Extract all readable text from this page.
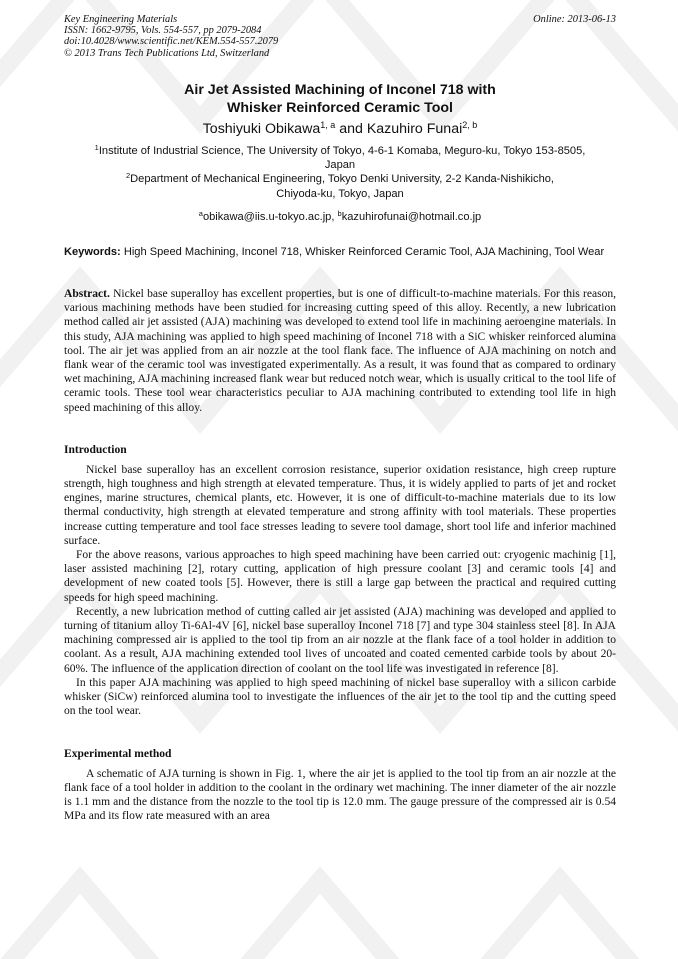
Key Engineering Materials
ISSN: 1662-9795, Vols. 554-557, pp 2079-2084
doi:10.4028/www.scientific.net/KEM.554-557.2079
© 2013 Trans Tech Publications Ltd, Switzerland
Online: 2013-06-13
Air Jet Assisted Machining of Inconel 718 with
Whisker Reinforced Ceramic Tool
Toshiyuki Obikawa$^{1, a}$ and Kazuhiro Funai$^{2, b}$
$^1$Institute of Industrial Science, The University of Tokyo, 4-6-1 Komaba, Meguro-ku, Tokyo 153-8505,
Japan
$^2$Department of Mechanical Engineering, Tokyo Denki University, 2-2 Kanda-Nishikicho,
Chiyoda-ku, Tokyo, Japan
$^a$obikawa@iis.u-tokyo.ac.jp, $^b$kazuhirofunai@hotmail.co.jp
Keywords: High Speed Machining, Inconel 718, Whisker Reinforced Ceramic Tool, AJA Machining, Tool Wear
Abstract. Nickel base superalloy has excellent properties, but is one of difficult-to-machine materials. For this reason, various machining methods have been studied for increasing cutting speed of this alloy. Recently, a new lubrication method called air jet assisted (AJA) machining was developed to extend tool life in machining aeroengine materials. In this study, AJA machining was applied to high speed machining of Inconel 718 with a SiC whisker reinforced alumina tool. The air jet was applied from an air nozzle at the tool flank face. The influence of AJA machining on notch and flank wear of the ceramic tool was investigated experimentally. As a result, it was found that as compared to ordinary wet machining, AJA machining increased flank wear but reduced notch wear, which is usually critical to the tool life of ceramic tools. These tool wear characteristics peculiar to AJA machining contributed to extending tool life in high speed machining of this alloy.
Introduction

Nickel base superalloy has an excellent corrosion resistance, superior oxidation resistance, high creep rupture strength, high toughness and high strength at elevated temperature. Thus, it is widely applied to parts of jet and rocket engines, marine structures, chemical plants, etc. However, it is one of difficult-to-machine materials due to its low thermal conductivity, high strength at elevated temperature and strong affinity with tool materials. These properties increase cutting temperature and tool face stresses leading to severe tool damage, short tool life and inferior machined surface.

For the above reasons, various approaches to high speed machining have been carried out: cryogenic machinig [1], laser assisted machining [2], rotary cutting, application of high pressure coolant [3] and ceramic tools [4] and development of new coated tools [5]. However, there is still a large gap between the practical and required cutting speeds for high speed machining.

Recently, a new lubrication method of cutting called air jet assisted (AJA) machining was developed and applied to turning of titanium alloy Ti-6Al-4V [6], nickel base superalloy Inconel 718 [7] and type 304 stainless steel [8]. In AJA machining compressed air is applied to the tool tip from an air nozzle at the flank face of a tool holder in addition to coolant. As a result, AJA machining extended tool lives of uncoated and coated cemented carbide tools by about 20-60%. The influence of the application direction of coolant on the tool life was investigated in reference [8].

In this paper AJA machining was applied to high speed machining of nickel base superalloy with a silicon carbide whisker (SiCw) reinforced alumina tool to investigate the influences of the air jet to the tool tip and the cutting speed on the tool wear.

Experimental method

A schematic of AJA turning is shown in Fig. 1, where the air jet is applied to the tool tip from an air nozzle at the flank face of a tool holder in addition to the coolant in the ordinary wet machining. The inner diameter of the air nozzle is 1.1 mm and the distance from the nozzle to the tool tip is 12.0 mm. The gauge pressure of the compressed air is 0.54 MPa and its flow rate measured with an area
